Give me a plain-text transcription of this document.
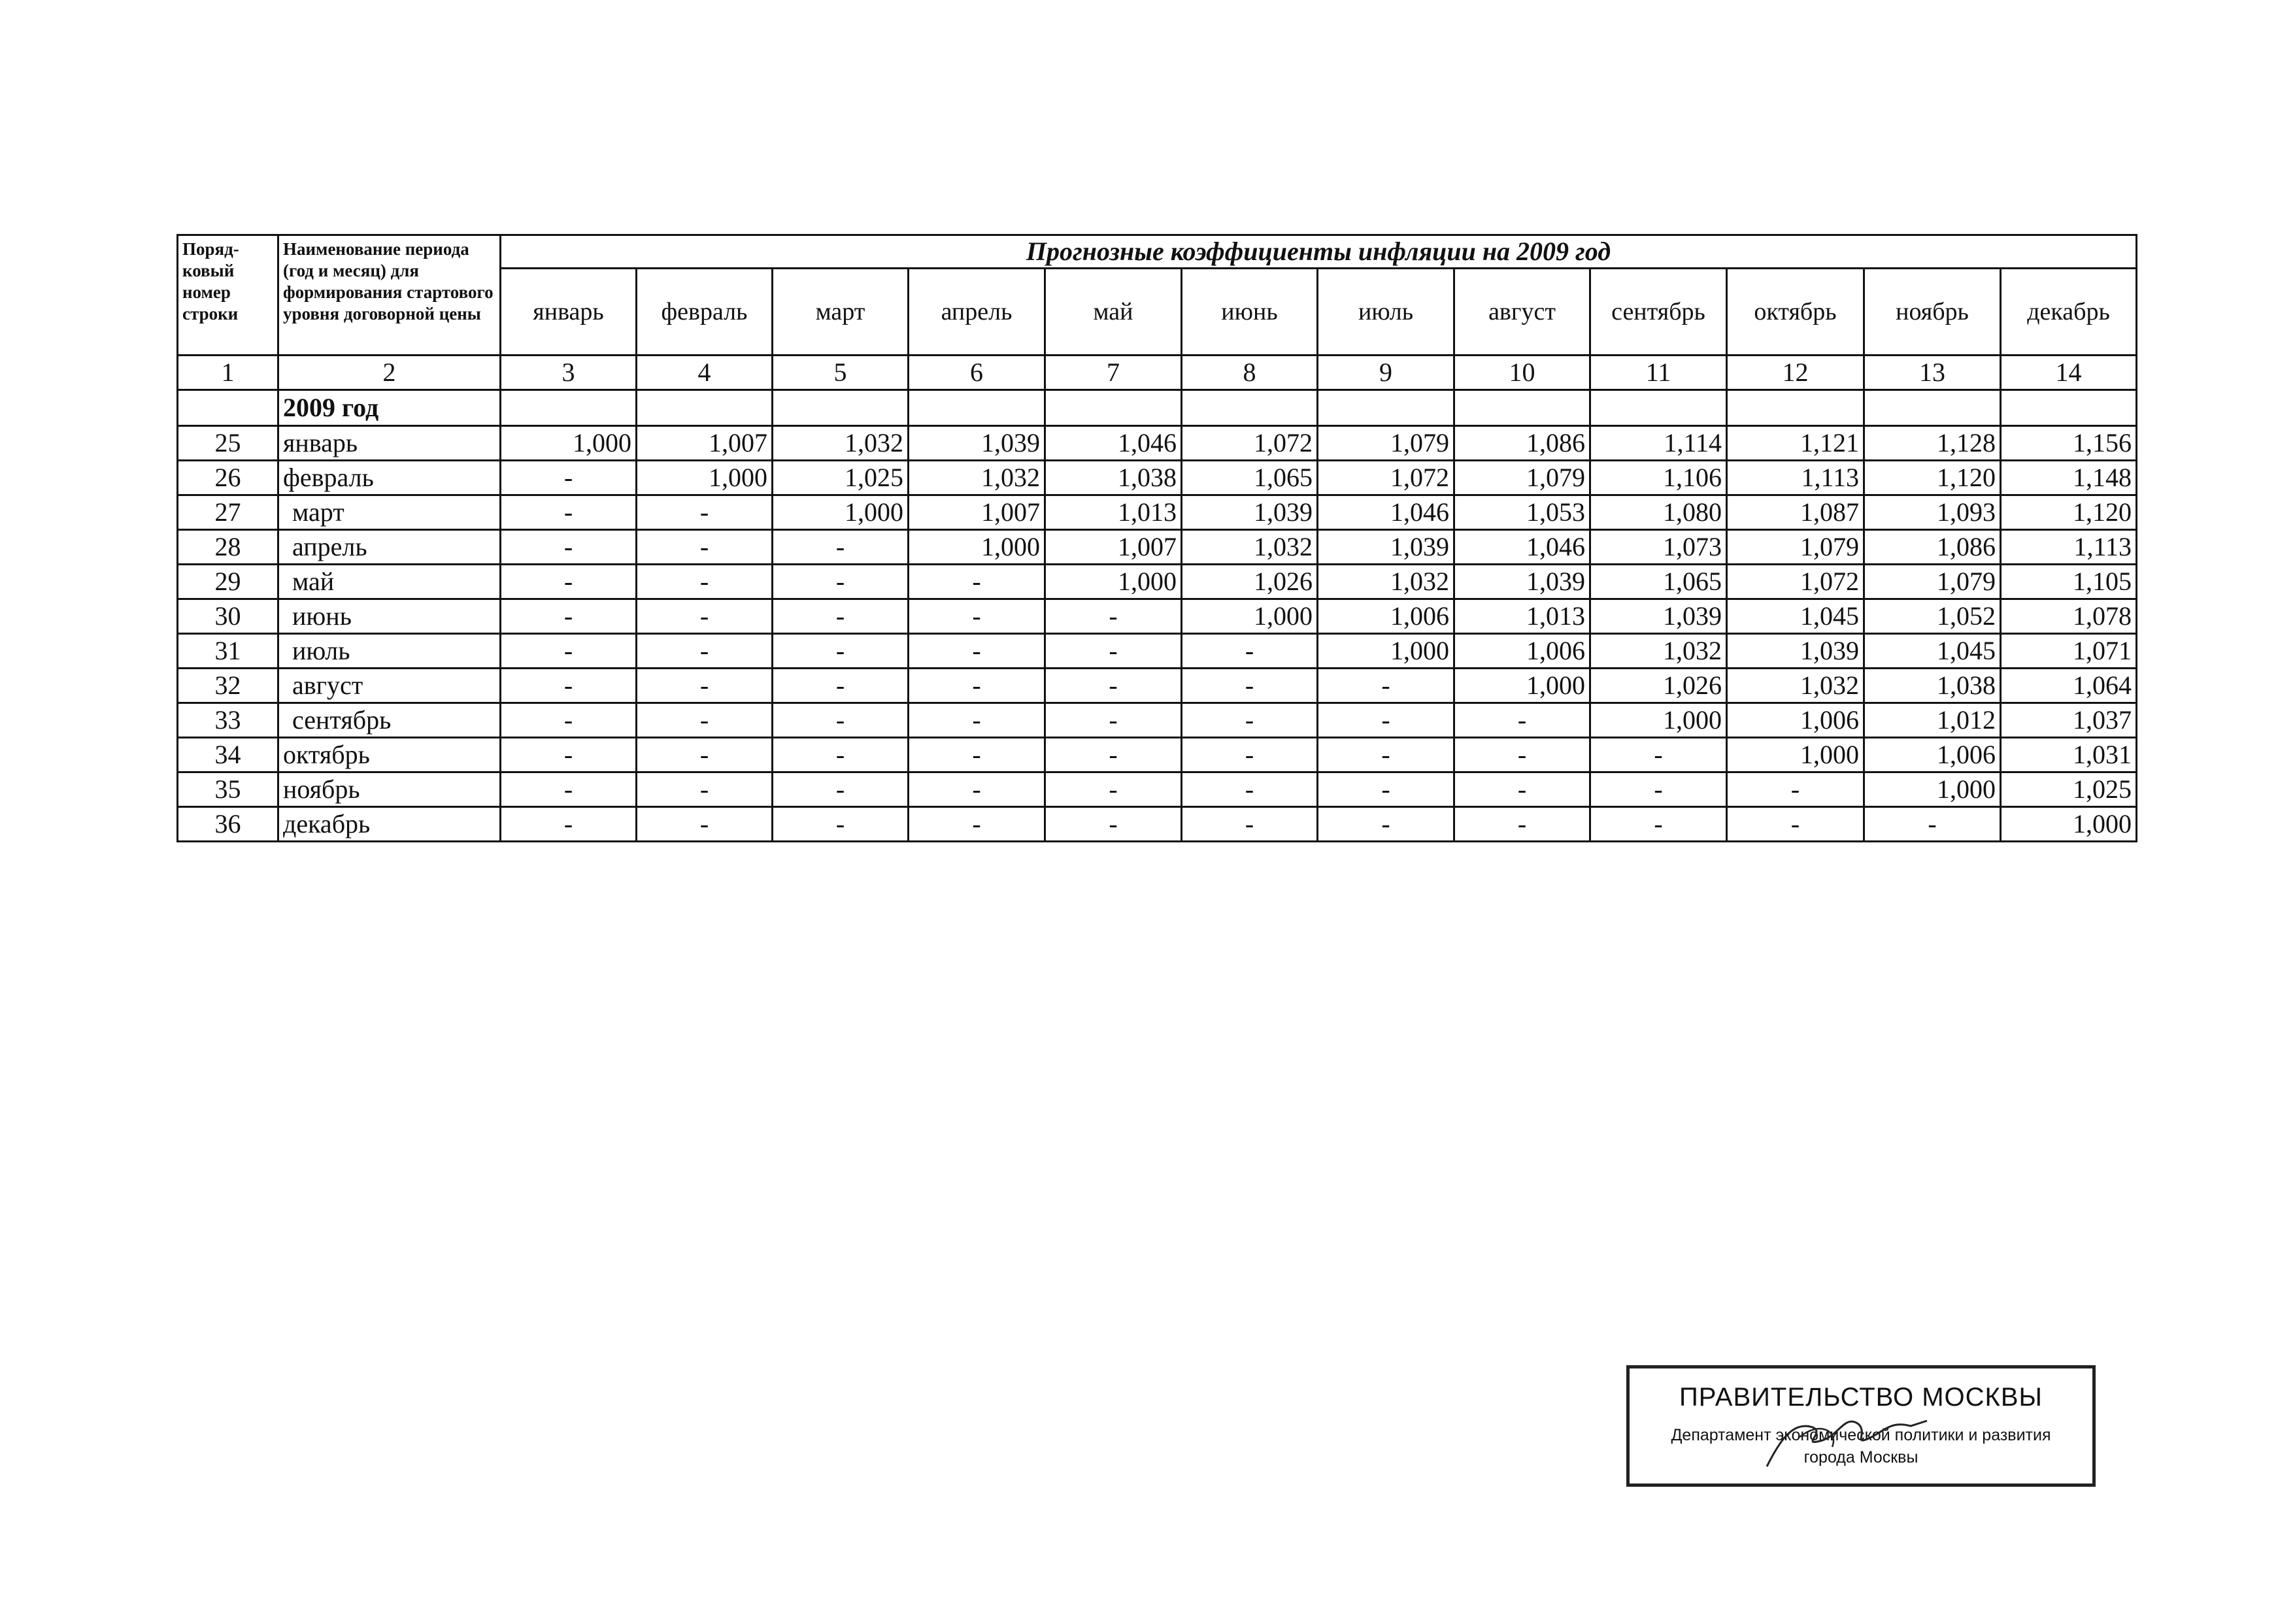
Поряд-ковый номер строки	Наименование периода (год и месяц) для формирования стартового уровня договорной цены	Прогнозные коэффициенты инфляции на 2009 год											
		январь	февраль	март	апрель	май	июнь	июль	август	сентябрь	октябрь	ноябрь	декабрь
1	2	3	4	5	6	7	8	9	10	11	12	13	14
	2009 год												
25	январь	1,000	1,007	1,032	1,039	1,046	1,072	1,079	1,086	1,114	1,121	1,128	1,156
26	февраль	-	1,000	1,025	1,032	1,038	1,065	1,072	1,079	1,106	1,113	1,120	1,148
27	март	-	-	1,000	1,007	1,013	1,039	1,046	1,053	1,080	1,087	1,093	1,120
28	апрель	-	-	-	1,000	1,007	1,032	1,039	1,046	1,073	1,079	1,086	1,113
29	май	-	-	-	-	1,000	1,026	1,032	1,039	1,065	1,072	1,079	1,105
30	июнь	-	-	-	-	-	1,000	1,006	1,013	1,039	1,045	1,052	1,078
31	июль	-	-	-	-	-	-	1,000	1,006	1,032	1,039	1,045	1,071
32	август	-	-	-	-	-	-	-	1,000	1,026	1,032	1,038	1,064
33	сентябрь	-	-	-	-	-	-	-	-	1,000	1,006	1,012	1,037
34	октябрь	-	-	-	-	-	-	-	-	-	1,000	1,006	1,031
35	ноябрь	-	-	-	-	-	-	-	-	-	-	1,000	1,025
36	декабрь	-	-	-	-	-	-	-	-	-	-	-	1,000
ПРАВИТЕЛЬСТВО МОСКВЫ
Департамент экономической политики и развития
города Москвы
